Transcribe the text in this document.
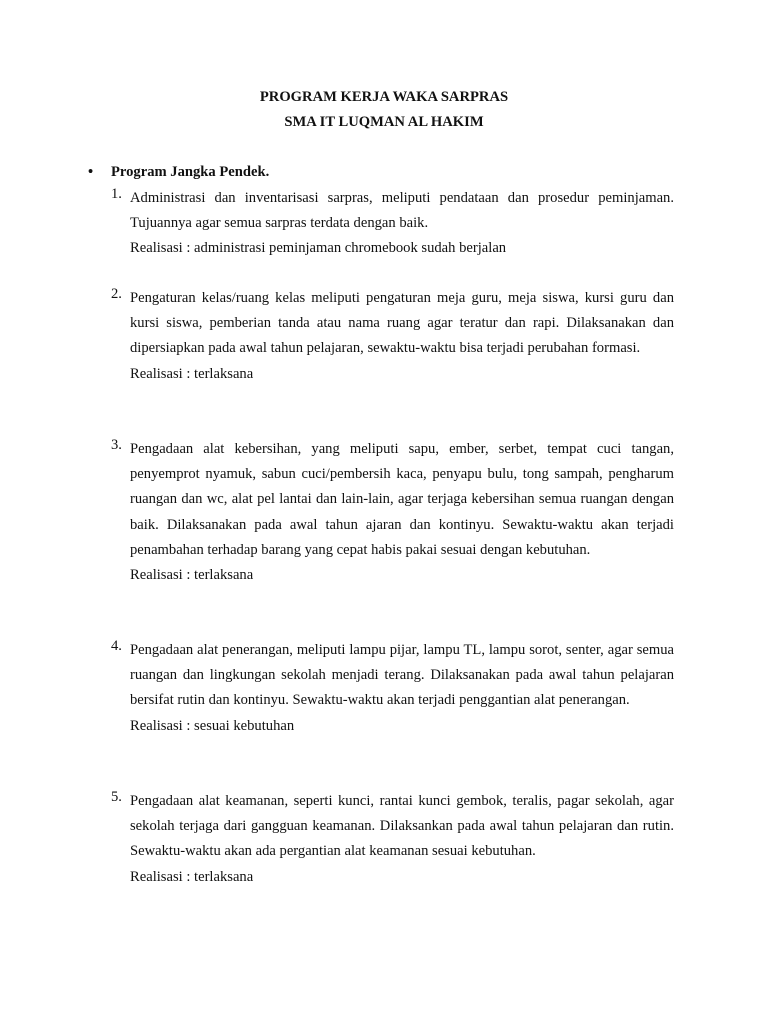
PROGRAM KERJA WAKA SARPRAS
SMA IT LUQMAN AL HAKIM
• Program Jangka Pendek.
1. Administrasi dan inventarisasi sarpras, meliputi pendataan dan prosedur peminjaman. Tujuannya agar semua sarpras terdata dengan baik.
Realisasi : administrasi peminjaman chromebook sudah berjalan
2. Pengaturan kelas/ruang kelas meliputi pengaturan meja guru, meja siswa, kursi guru dan kursi siswa, pemberian tanda atau nama ruang agar teratur dan rapi. Dilaksanakan dan dipersiapkan pada awal tahun pelajaran, sewaktu-waktu bisa terjadi perubahan formasi.
Realisasi : terlaksana
3. Pengadaan alat kebersihan, yang meliputi sapu, ember, serbet, tempat cuci tangan, penyemprot nyamuk, sabun cuci/pembersih kaca, penyapu bulu, tong sampah, pengharum ruangan dan wc, alat pel lantai dan lain-lain, agar terjaga kebersihan semua ruangan dengan baik. Dilaksanakan pada awal tahun ajaran dan kontinyu. Sewaktu-waktu akan terjadi penambahan terhadap barang yang cepat habis pakai sesuai dengan kebutuhan.
Realisasi : terlaksana
4. Pengadaan alat penerangan, meliputi lampu pijar, lampu TL, lampu sorot, senter, agar semua ruangan dan lingkungan sekolah menjadi terang. Dilaksanakan pada awal tahun pelajaran bersifat rutin dan kontinyu. Sewaktu-waktu akan terjadi penggantian alat penerangan.
Realisasi : sesuai kebutuhan
5. Pengadaan alat keamanan, seperti kunci, rantai kunci gembok, teralis, pagar sekolah, agar sekolah terjaga dari gangguan keamanan. Dilaksankan pada awal tahun pelajaran dan rutin. Sewaktu-waktu akan ada pergantian alat keamanan sesuai kebutuhan.
Realisasi : terlaksana
